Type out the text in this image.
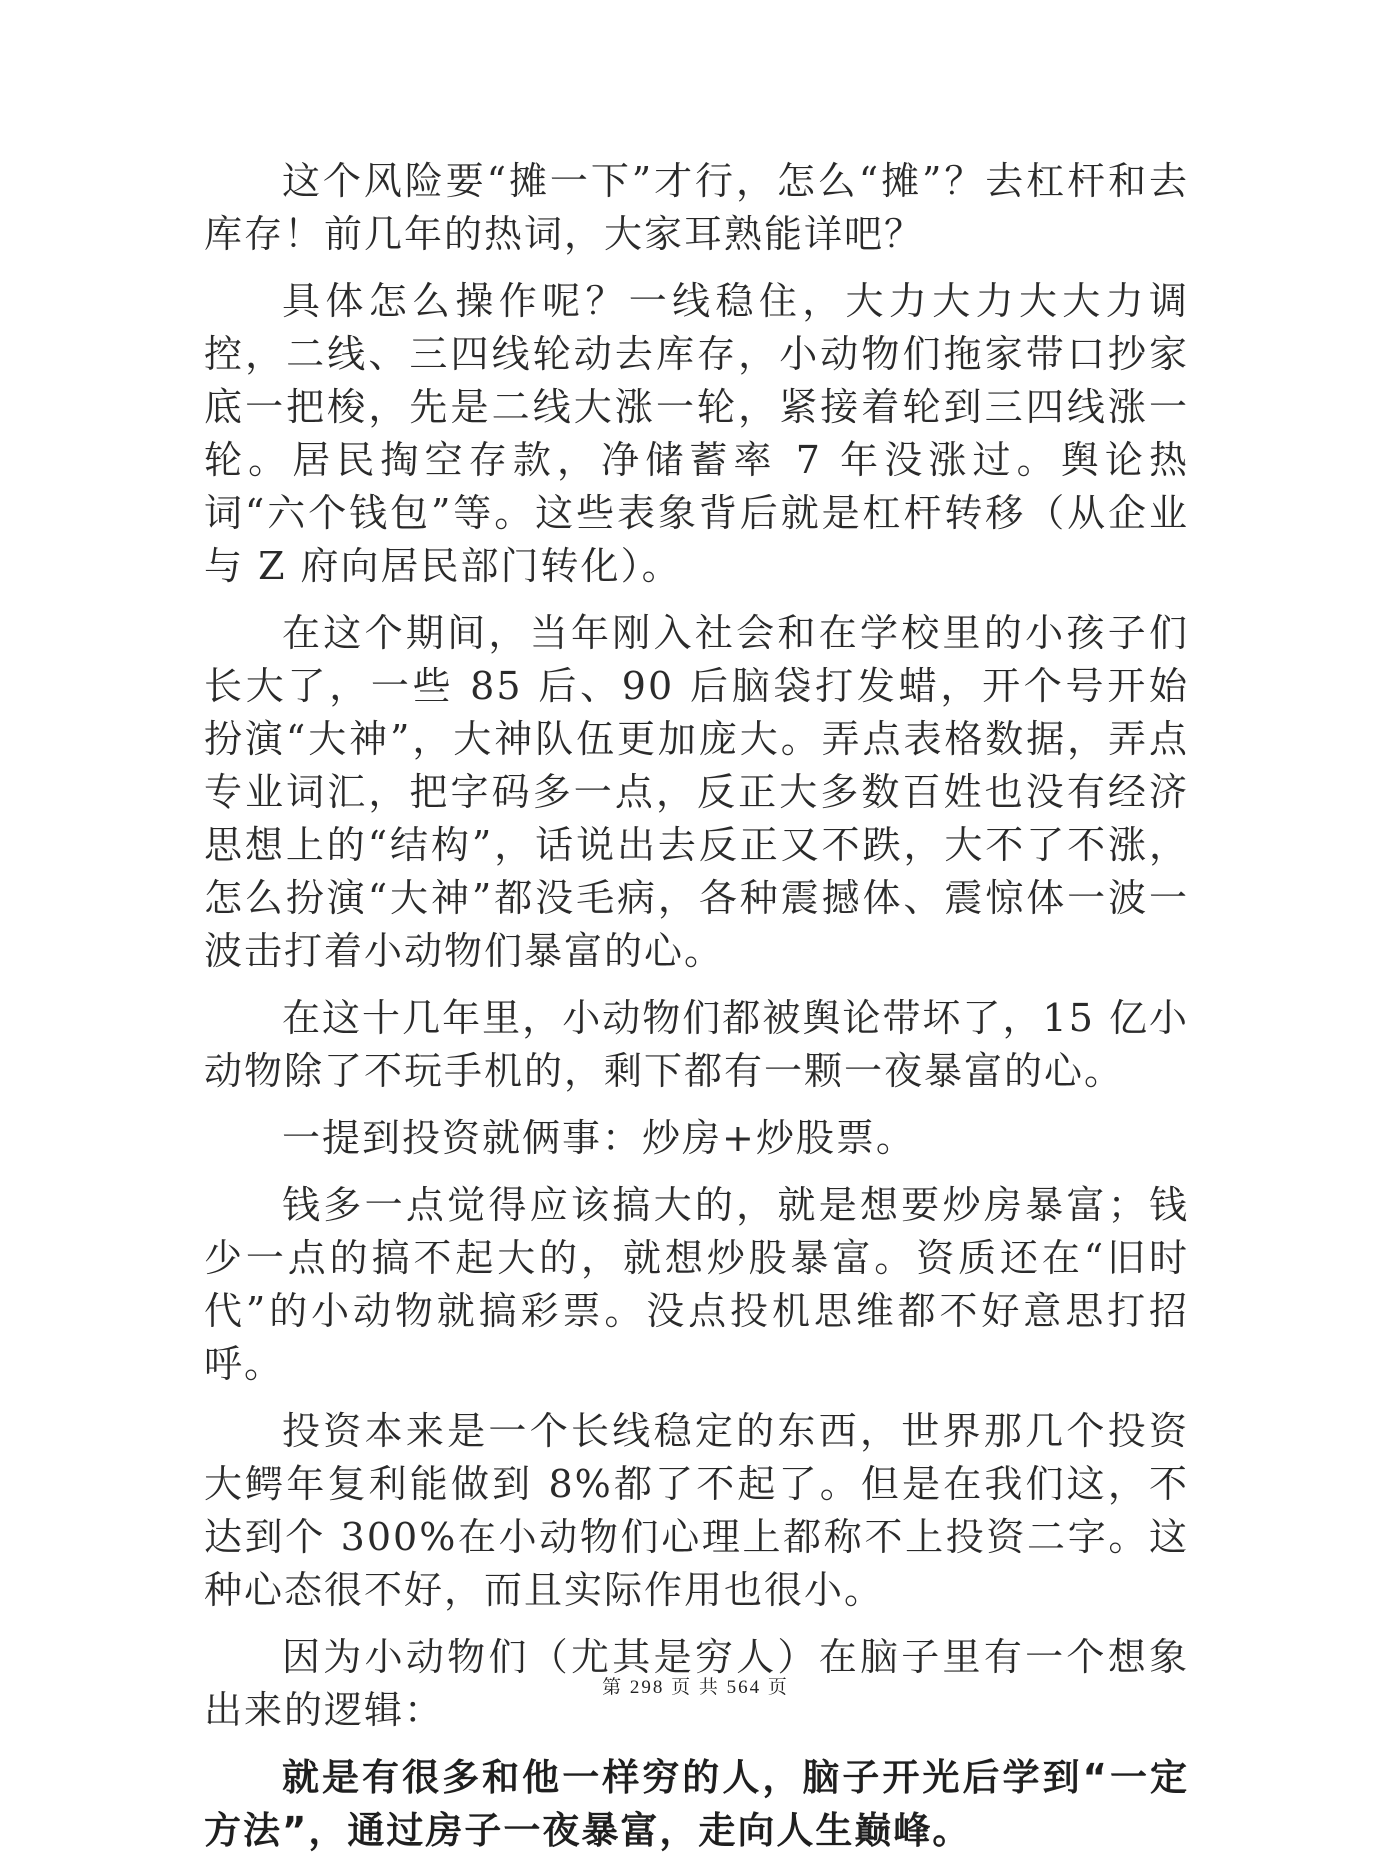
这个风险要“摊一下”才行，怎么“摊”？去杠杆和去库存！前几年的热词，大家耳熟能详吧？

具体怎么操作呢？一线稳住，大力大力大大力调控，二线、三四线轮动去库存，小动物们拖家带口抄家底一把梭，先是二线大涨一轮，紧接着轮到三四线涨一轮。居民掏空存款，净储蓄率 7 年没涨过。舆论热词“六个钱包”等。这些表象背后就是杠杆转移（从企业与 Z 府向居民部门转化）。

在这个期间，当年刚入社会和在学校里的小孩子们长大了，一些 85 后、90 后脑袋打发蜡，开个号开始扮演“大神”，大神队伍更加庞大。弄点表格数据，弄点专业词汇，把字码多一点，反正大多数百姓也没有经济思想上的“结构”，话说出去反正又不跌，大不了不涨，怎么扮演“大神”都没毛病，各种震撼体、震惊体一波一波击打着小动物们暴富的心。

在这十几年里，小动物们都被舆论带坏了，15 亿小动物除了不玩手机的，剩下都有一颗一夜暴富的心。

一提到投资就俩事：炒房+炒股票。

钱多一点觉得应该搞大的，就是想要炒房暴富；钱少一点的搞不起大的，就想炒股暴富。资质还在“旧时代”的小动物就搞彩票。没点投机思维都不好意思打招呼。

投资本来是一个长线稳定的东西，世界那几个投资大鳄年复利能做到 8%都了不起了。但是在我们这，不达到个 300%在小动物们心理上都称不上投资二字。这种心态很不好，而且实际作用也很小。

因为小动物们（尤其是穷人）在脑子里有一个想象出来的逻辑：

就是有很多和他一样穷的人，脑子开光后学到“一定方法”，通过房子一夜暴富，走向人生巅峰。

第 298 页 共 564 页
